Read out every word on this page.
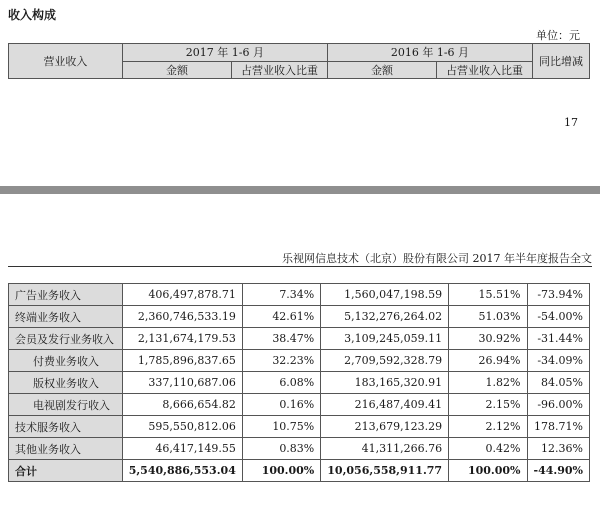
收入构成
单位：元
营业收入	2017 年 1-6 月		2016 年 1-6 月		同比增减
	金额	占营业收入比重	金额	占营业收入比重	
17
乐视网信息技术（北京）股份有限公司 2017 年半年度报告全文
广告业务收入	406,497,878.71	7.34%	1,560,047,198.59	15.51%	-73.94%
终端业务收入	2,360,746,533.19	42.61%	5,132,276,264.02	51.03%	-54.00%
会员及发行业务收入	2,131,674,179.53	38.47%	3,109,245,059.11	30.92%	-31.44%
付费业务收入	1,785,896,837.65	32.23%	2,709,592,328.79	26.94%	-34.09%
版权业务收入	337,110,687.06	6.08%	183,165,320.91	1.82%	84.05%
电视剧发行收入	8,666,654.82	0.16%	216,487,409.41	2.15%	-96.00%
技术服务收入	595,550,812.06	10.75%	213,679,123.29	2.12%	178.71%
其他业务收入	46,417,149.55	0.83%	41,311,266.76	0.42%	12.36%
合计	5,540,886,553.04	100.00%	10,056,558,911.77	100.00%	-44.90%
